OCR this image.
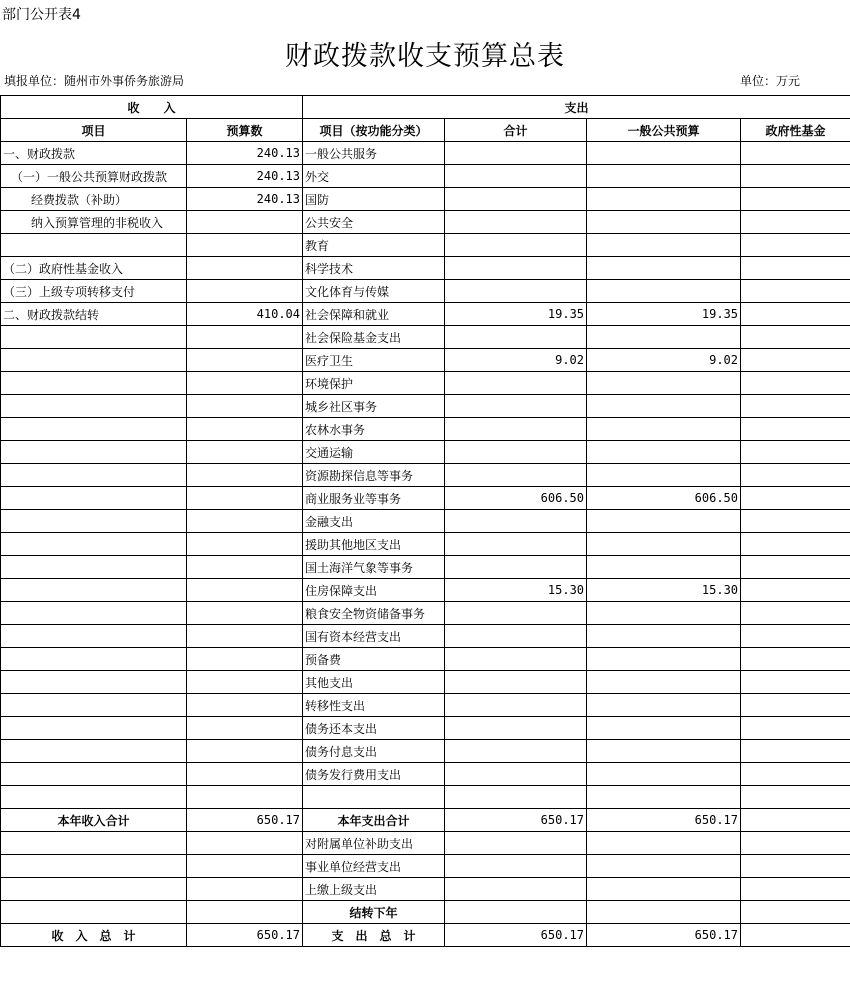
部门公开表4
财政拨款收支预算总表
填报单位：随州市外事侨务旅游局	单位：万元
收　　入		支出			
项目	预算数	项目（按功能分类）	合计	一般公共预算	政府性基金
一、财政拨款	240.13	一般公共服务			
（一）一般公共预算财政拨款	240.13	外交			
经费拨款（补助）	240.13	国防			
纳入预算管理的非税收入		公共安全			
		教育			
（二）政府性基金收入		科学技术			
（三）上级专项转移支付		文化体育与传媒			
二、财政拨款结转	410.04	社会保障和就业	19.35	19.35	
		社会保险基金支出			
		医疗卫生	9.02	9.02	
		环境保护			
		城乡社区事务			
		农林水事务			
		交通运输			
		资源勘探信息等事务			
		商业服务业等事务	606.50	606.50	
		金融支出			
		援助其他地区支出			
		国土海洋气象等事务			
		住房保障支出	15.30	15.30	
		粮食安全物资储备事务			
		国有资本经营支出			
		预备费			
		其他支出			
		转移性支出			
		债务还本支出			
		债务付息支出			
		债务发行费用支出			

本年收入合计	650.17	本年支出合计	650.17	650.17	
		对附属单位补助支出			
		事业单位经营支出			
		上缴上级支出			
		结转下年			
收　入　总　计	650.17	支　出　总　计	650.17	650.17	
